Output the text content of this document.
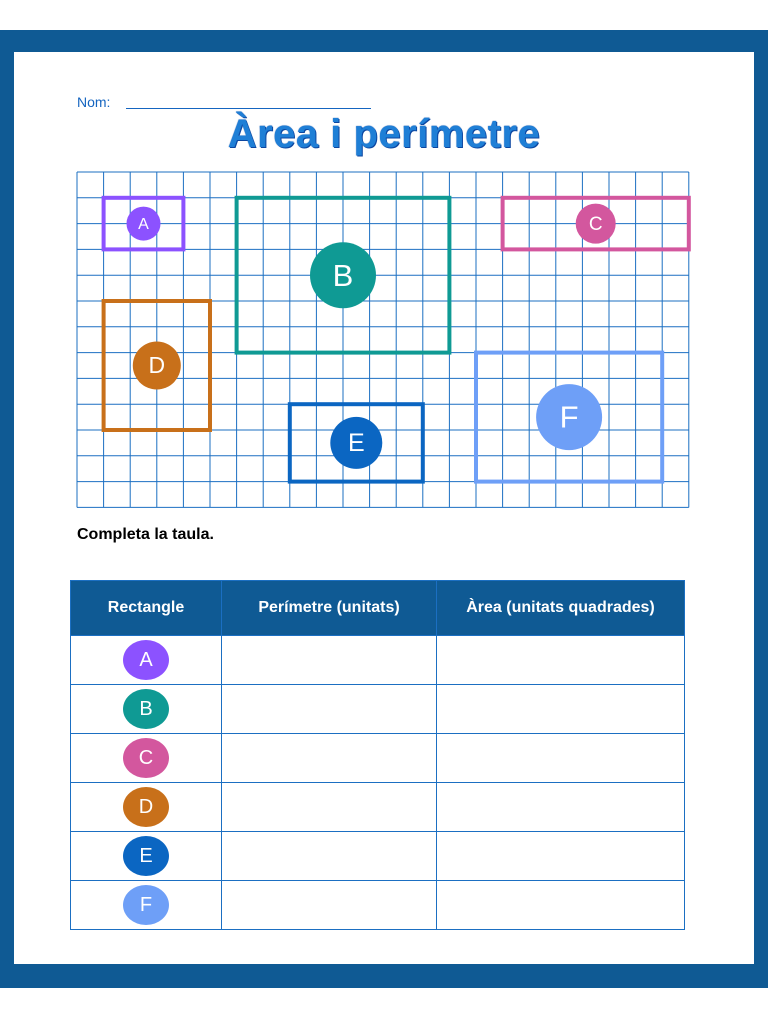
Nom:
Àrea i perímetre
A
B
C
D
E
F
Completa la taula.
Rectangle	Perímetre (unitats)	Àrea (unitats quadrades)
A		
B		
C		
D		
E		
F		
